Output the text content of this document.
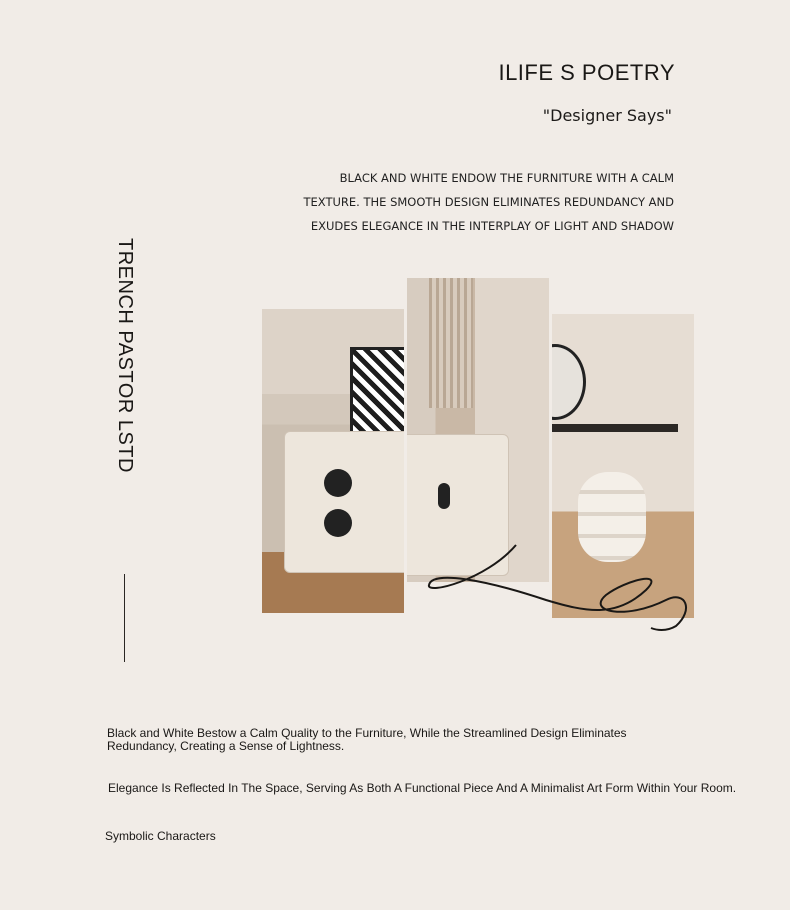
ILIFE S POETRY
"Designer Says"
BLACK AND WHITE ENDOW THE FURNITURE WITH A CALM
TEXTURE. THE SMOOTH DESIGN ELIMINATES REDUNDANCY AND
EXUDES ELEGANCE IN THE INTERPLAY OF LIGHT AND SHADOW
TRENCH PASTOR LSTD
Black and White Bestow a Calm Quality to the Furniture, While the Streamlined Design Eliminates Redundancy, Creating a Sense of Lightness.
Elegance Is Reflected In The Space, Serving As Both A Functional Piece And A Minimalist Art Form Within Your Room.
Symbolic Characters
